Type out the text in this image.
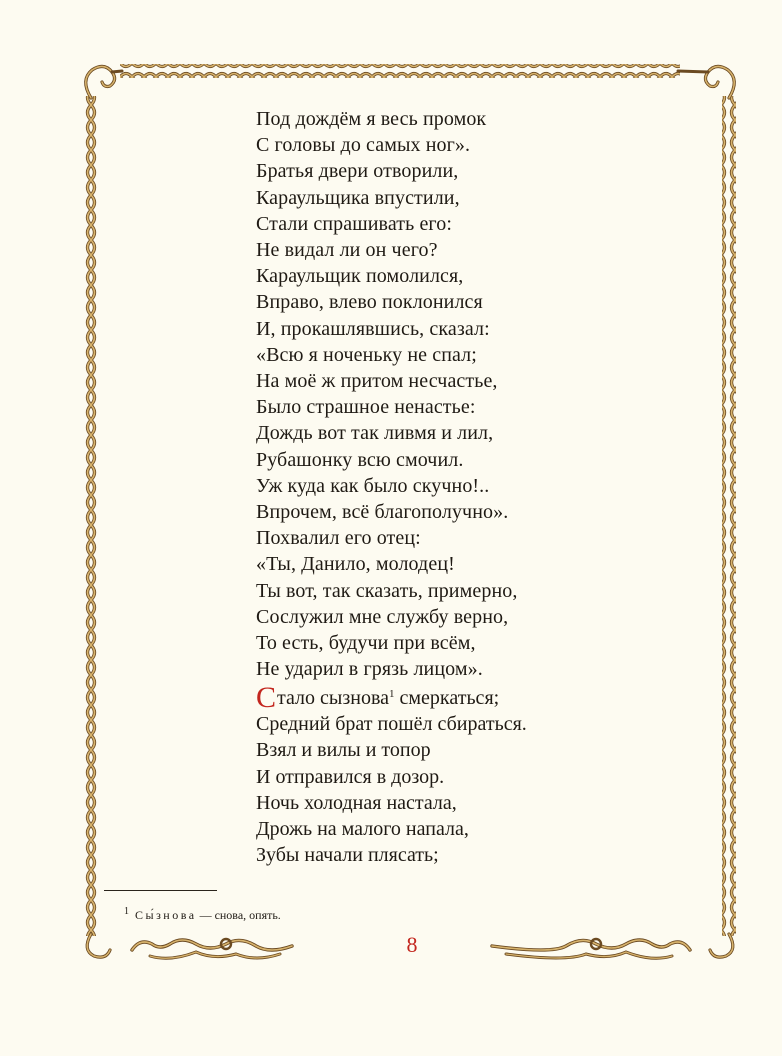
Под дождём я весь промок
С головы до самых ног».
Братья двери отворили,
Караульщика впустили,
Стали спрашивать его:
Не видал ли он чего?
Караульщик помолился,
Вправо, влево поклонился
И, прокашлявшись, сказал:
«Всю я ноченьку не спал;
На моё ж притом несчастье,
Было страшное ненастье:
Дождь вот так ливмя и лил,
Рубашонку всю смочил.
Уж куда как было скучно!..
Впрочем, всё благополучно».
Похвалил его отец:
«Ты, Данило, молодец!
Ты вот, так сказать, примерно,
Сослужил мне службу верно,
То есть, будучи при всём,
Не ударил в грязь лицом».
Стало сызнова$^1$ смеркаться;
Средний брат пошёл сбираться.
Взял и вилы и топор
И отправился в дозор.
Ночь холодная настала,
Дрожь на малого напала,
Зубы начали плясать;
$^1$ Сы́знова — снова, опять.
8
